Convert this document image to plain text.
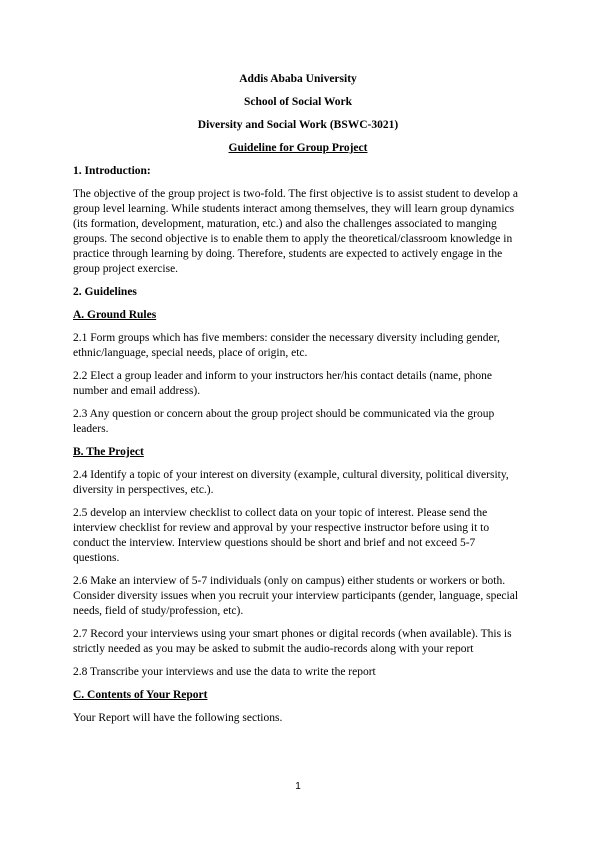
Addis Ababa University
School of Social Work
Diversity and Social Work (BSWC-3021)
Guideline for Group Project
1. Introduction:

The objective of the group project is two-fold. The first objective is to assist student to develop a group level learning. While students interact among themselves, they will learn group dynamics (its formation, development, maturation, etc.) and also the challenges associated to manging groups. The second objective is to enable them to apply the theoretical/classroom knowledge in practice through learning by doing. Therefore, students are expected to actively engage in the group project exercise.

2. Guidelines
A. Ground Rules

2.1 Form groups which has five members: consider the necessary diversity including gender, ethnic/language, special needs, place of origin, etc.

2.2 Elect a group leader and inform to your instructors her/his contact details (name, phone number and email address).

2.3 Any question or concern about the group project should be communicated via the group leaders.

B. The Project

2.4 Identify a topic of your interest on diversity (example, cultural diversity, political diversity, diversity in perspectives, etc.).

2.5 develop an interview checklist to collect data on your topic of interest. Please send the interview checklist for review and approval by your respective instructor before using it to conduct the interview. Interview questions should be short and brief and not exceed 5-7 questions.

2.6 Make an interview of 5-7 individuals (only on campus) either students or workers or both. Consider diversity issues when you recruit your interview participants (gender, language, special needs, field of study/profession, etc).

2.7 Record your interviews using your smart phones or digital records (when available). This is strictly needed as you may be asked to submit the audio-records along with your report

2.8 Transcribe your interviews and use the data to write the report

C. Contents of Your Report

Your Report will have the following sections.

1
